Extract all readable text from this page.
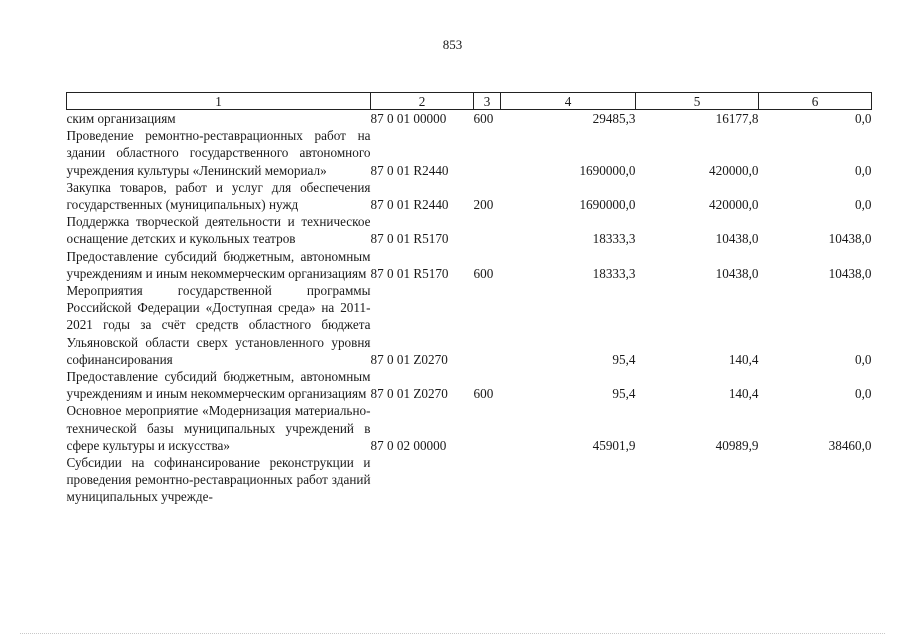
853
1	2	3	4	5	6
ским организациям	87 0 01 00000	600	29485,3	16177,8	0,0
Проведение ремонтно-реставрационных работ на здании областного государственного автономного учреждения культуры «Ленинский мемориал»	87 0 01 R2440		1690000,0	420000,0	0,0
Закупка товаров, работ и услуг для обеспечения государственных (муниципальных) нужд	87 0 01 R2440	200	1690000,0	420000,0	0,0
Поддержка творческой деятельности и техническое оснащение детских и кукольных театров	87 0 01 R5170		18333,3	10438,0	10438,0
Предоставление субсидий бюджетным, автономным учреждениям и иным некоммерческим организациям	87 0 01 R5170	600	18333,3	10438,0	10438,0
Мероприятия государственной программы Российской Федерации «Доступная среда» на 2011-2021 годы за счёт средств областного бюджета Ульяновской области сверх установленного уровня софинансирования	87 0 01 Z0270		95,4	140,4	0,0
Предоставление субсидий бюджетным, автономным учреждениям и иным некоммерческим организациям	87 0 01 Z0270	600	95,4	140,4	0,0
Основное мероприятие «Модернизация материально-технической базы муниципальных учреждений в сфере культуры и искусства»	87 0 02 00000		45901,9	40989,9	38460,0
Субсидии на софинансирование реконструкции и проведения ремонтно-реставрационных работ зданий муниципальных учрежде-					
